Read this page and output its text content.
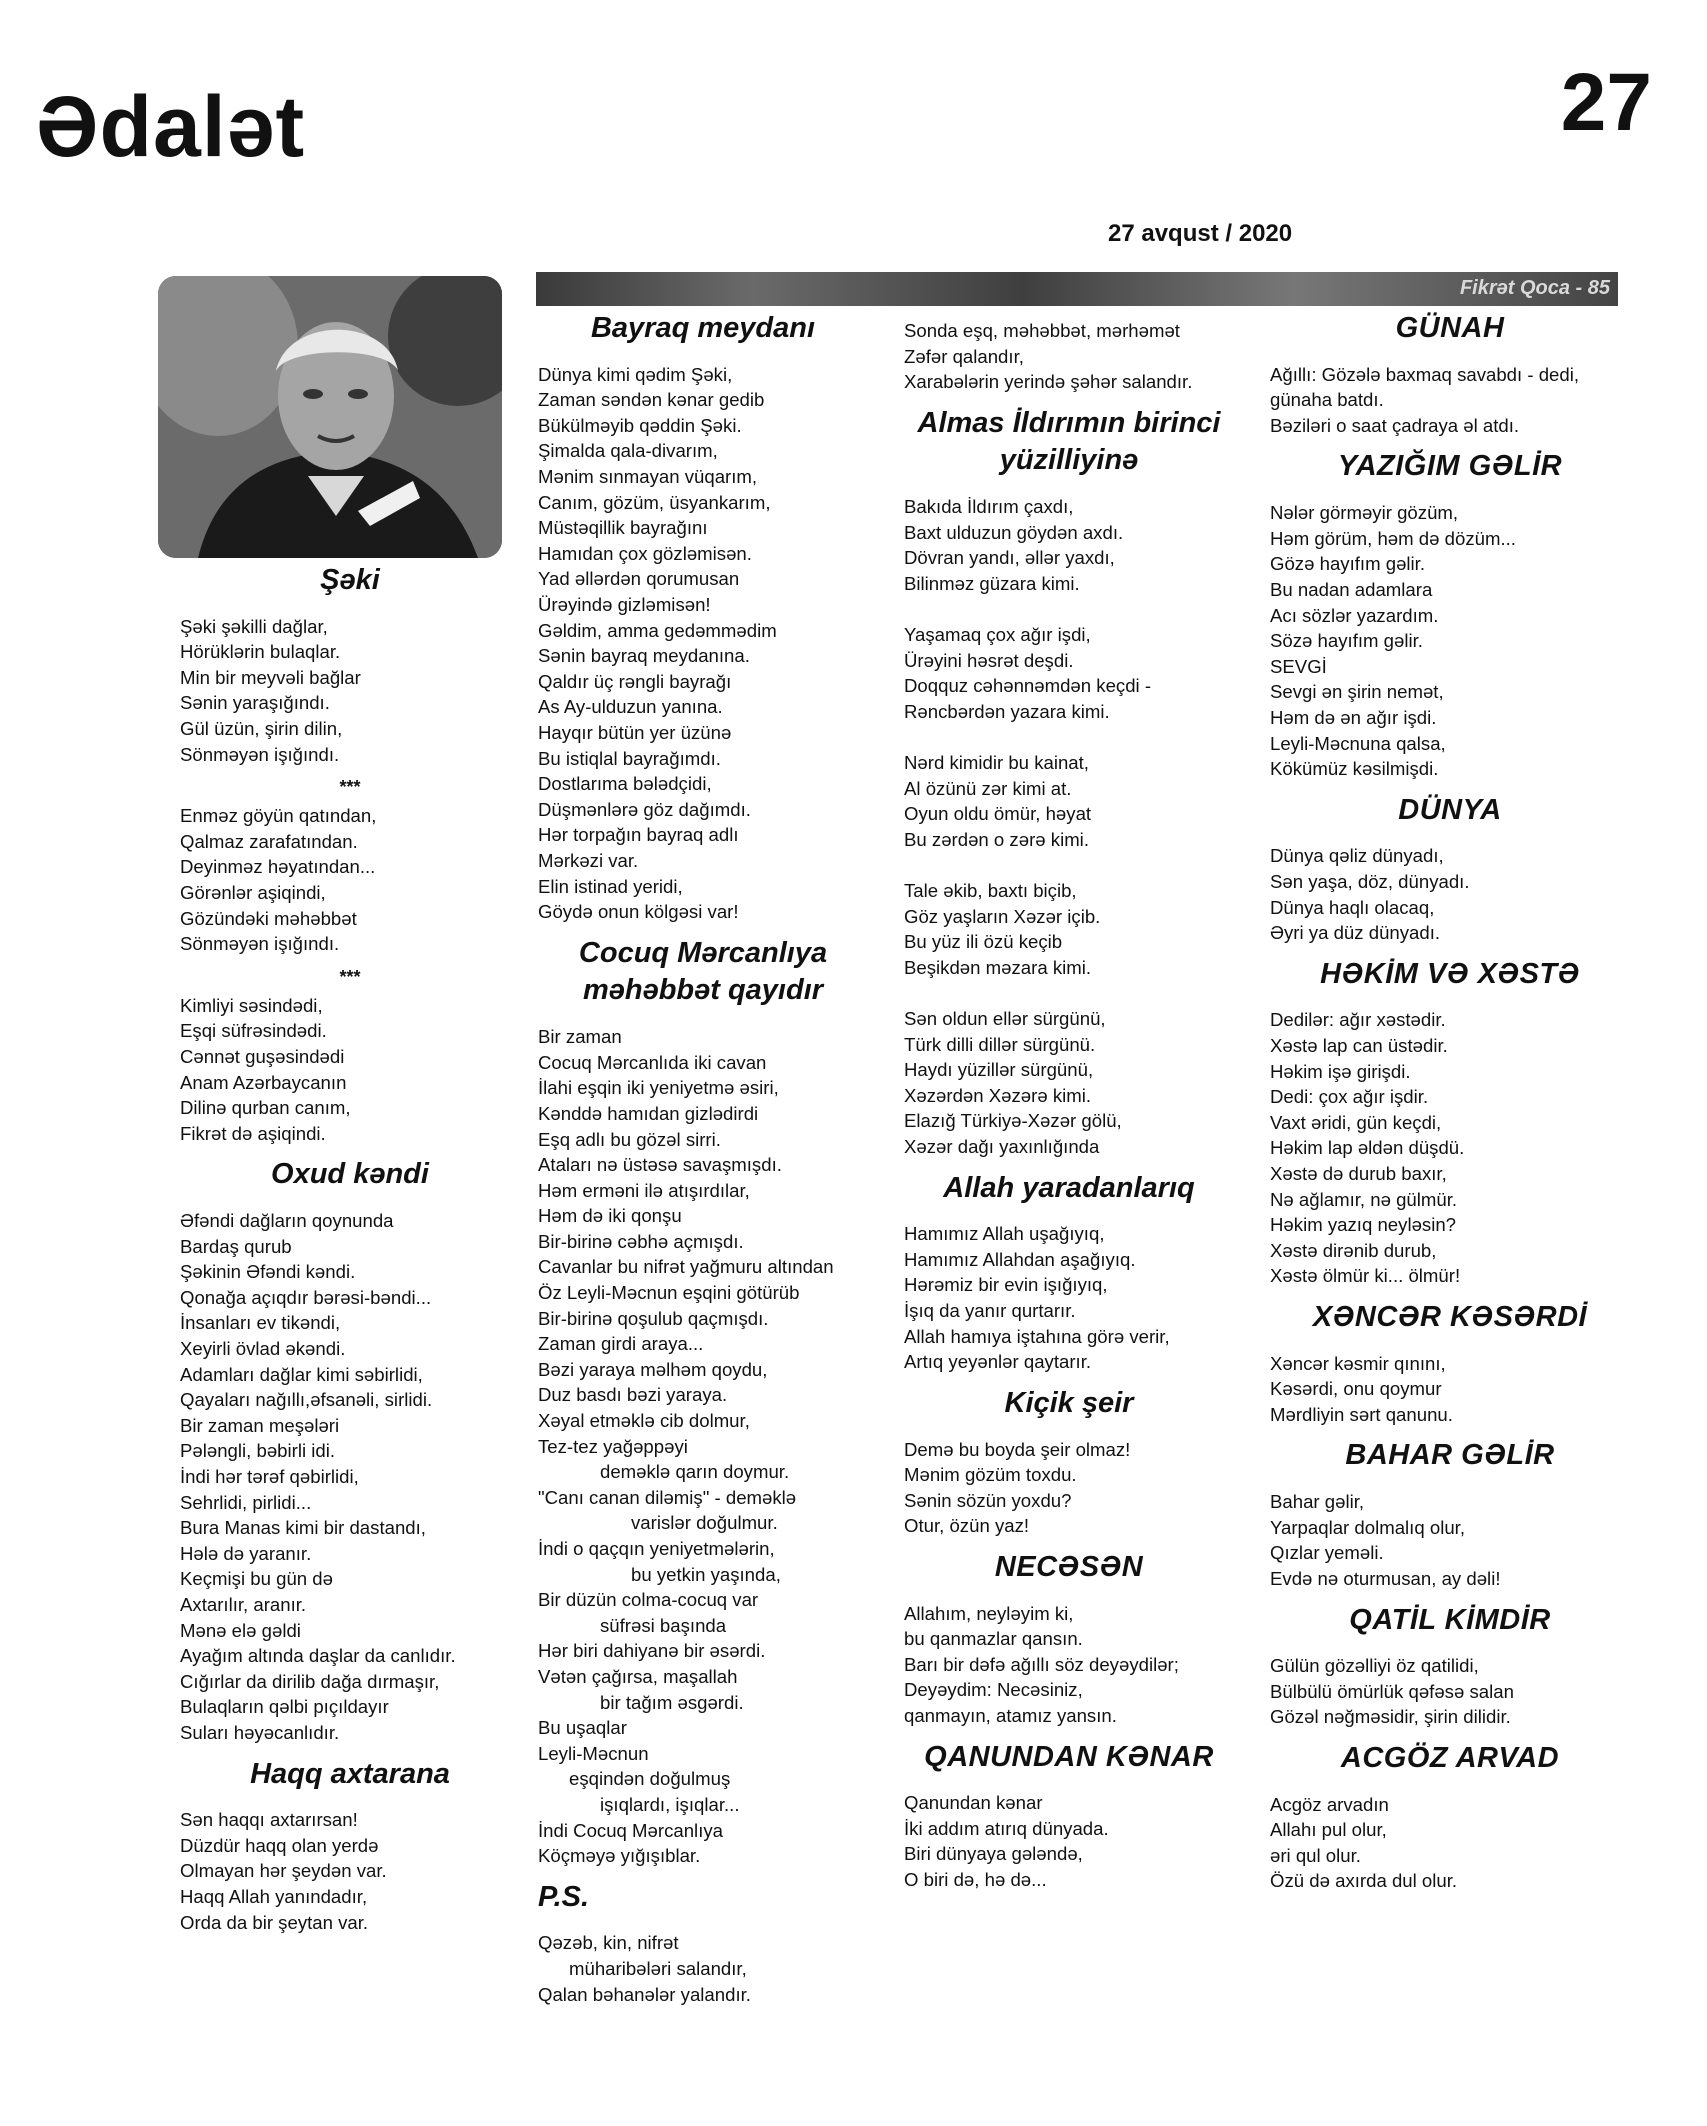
Ədalət	27
27 avqust / 2020
Fikrət Qoca - 85
Şəki
Şəki şəkilli dağlar,
Hörüklərin bulaqlar.
Min bir meyvəli bağlar
Sənin yaraşığındı.
Gül üzün, şirin dilin,
Sönməyən işığındı.
***
Enməz göyün qatından,
Qalmaz zarafatından.
Deyinməz həyatından...
Görənlər aşiqindi,
Gözündəki məhəbbət
Sönməyən işığındı.
***
Kimliyi səsindədi,
Eşqi süfrəsindədi.
Cənnət guşəsindədi
Anam Azərbaycanın
Dilinə qurban canım,
Fikrət də aşiqindi.
Oxud kəndi
Əfəndi dağların qoynunda
Bardaş qurub
Şəkinin Əfəndi kəndi.
Qonağa açıqdır bərəsi-bəndi...
İnsanları ev tikəndi,
Xeyirli övlad əkəndi.
Adamları dağlar kimi səbirlidi,
Qayaları nağıllı,əfsanəli, sirlidi.
Bir zaman meşələri
Pələngli, bəbirli idi.
İndi hər tərəf qəbirlidi,
Sehrlidi, pirlidi...
Bura Manas kimi bir dastandı,
Hələ də yaranır.
Keçmişi bu gün də
Axtarılır, aranır.
Mənə elə gəldi
Ayağım altında daşlar da canlıdır.
Cığırlar da dirilib dağa dırmaşır,
Bulaqların qəlbi pıçıldayır
Suları həyəcanlıdır.
Haqq axtarana
Sən haqqı axtarırsan!
Düzdür haqq olan yerdə
Olmayan hər şeydən var.
Haqq Allah yanındadır,
Orda da bir şeytan var.
Bayraq meydanı
Dünya kimi qədim Şəki,
Zaman səndən kənar gedib
Bükülməyib qəddin Şəki.
Şimalda qala-divarım,
Mənim sınmayan vüqarım,
Canım, gözüm, üsyankarım,
Müstəqillik bayrağını
Hamıdan çox gözləmisən.
Yad əllərdən qorumusan
Ürəyində gizləmisən!
Gəldim, amma gedəmmədim
Sənin bayraq meydanına.
Qaldır üç rəngli bayrağı
As Ay-ulduzun yanına.
Hayqır bütün yer üzünə
Bu istiqlal bayrağımdı.
Dostlarıma bələdçidi,
Düşmənlərə göz dağımdı.
Hər torpağın bayraq adlı
Mərkəzi var.
Elin istinad yeridi,
Göydə onun kölgəsi var!
Cocuq Mərcanlıya məhəbbət qayıdır
Bir zaman
Cocuq Mərcanlıda iki cavan
İlahi eşqin iki yeniyetmə əsiri,
Kənddə hamıdan gizlədirdi
Eşq adlı bu gözəl sirri.
Ataları nə üstəsə savaşmışdı.
Həm erməni ilə atışırdılar,
Həm də iki qonşu
Bir-birinə cəbhə açmışdı.
Cavanlar bu nifrət yağmuru altından
Öz Leyli-Məcnun eşqini götürüb
Bir-birinə qoşulub qaçmışdı.
Zaman girdi araya...
Bəzi yaraya məlhəm qoydu,
Duz basdı bəzi yaraya.
Xəyal etməklə cib dolmur,
Tez-tez yağəppəyi
deməklə qarın doymur.
"Canı canan diləmiş" - deməklə
varislər doğulmur.
İndi o qaçqın yeniyetmələrin,
bu yetkin yaşında,
Bir düzün colma-cocuq var
süfrəsi başında
Hər biri dahiyanə bir əsərdi.
Vətən çağırsa, maşallah
bir tağım əsgərdi.
Bu uşaqlar
Leyli-Məcnun
eşqindən doğulmuş
işıqlardı, işıqlar...
İndi Cocuq Mərcanlıya
Köçməyə yığışıblar.
P.S.
Qəzəb, kin, nifrət
müharibələri salandır,
Qalan bəhanələr yalandır.
Sonda eşq, məhəbbət, mərhəmət
Zəfər qalandır,
Xarabələrin yerində şəhər salandır.
Almas İldırımın birinci yüzilliyinə
Bakıda İldırım çaxdı,
Baxt ulduzun göydən axdı.
Dövran yandı, əllər yaxdı,
Bilinməz güzara kimi.

Yaşamaq çox ağır işdi,
Ürəyini həsrət deşdi.
Doqquz cəhənnəmdən keçdi -
Rəncbərdən yazara kimi.

Nərd kimidir bu kainat,
Al özünü zər kimi at.
Oyun oldu ömür, həyat
Bu zərdən o zərə kimi.

Tale əkib, baxtı biçib,
Göz yaşların Xəzər içib.
Bu yüz ili özü keçib
Beşikdən məzara kimi.

Sən oldun ellər sürgünü,
Türk dilli dillər sürgünü.
Haydı yüzillər sürgünü,
Xəzərdən Xəzərə kimi.
Elazığ Türkiyə-Xəzər gölü,
Xəzər dağı yaxınlığında
Allah yaradanlarıq
Hamımız Allah uşağıyıq,
Hamımız Allahdan aşağıyıq.
Hərəmiz bir evin işığıyıq,
İşıq da yanır qurtarır.
Allah hamıya iştahına görə verir,
Artıq yeyənlər qaytarır.
Kiçik şeir
Demə bu boyda şeir olmaz!
Mənim gözüm toxdu.
Sənin sözün yoxdu?
Otur, özün yaz!
NECƏSƏN
Allahım, neyləyim ki,
bu qanmazlar qansın.
Barı bir dəfə ağıllı söz deyəydilər;
Deyəydim: Necəsiniz,
qanmayın, atamız yansın.
QANUNDAN KƏNAR
Qanundan kənar
İki addım atırıq dünyada.
Biri dünyaya gələndə,
O biri də, hə də...
GÜNAH
Ağıllı: Gözələ baxmaq savabdı - dedi,
günaha batdı.
Bəziləri o saat çadraya əl atdı.
YAZIĞIM GƏLİR
Nələr görməyir gözüm,
Həm görüm, həm də dözüm...
Gözə hayıfım gəlir.
Bu nadan adamlara
Acı sözlər yazardım.
Sözə hayıfım gəlir.
SEVGİ
Sevgi ən şirin nemət,
Həm də ən ağır işdi.
Leyli-Məcnuna qalsa,
Kökümüz kəsilmişdi.
DÜNYA
Dünya qəliz dünyadı,
Sən yaşa, döz, dünyadı.
Dünya haqlı olacaq,
Əyri ya düz dünyadı.
HƏKİM VƏ XƏSTƏ
Dedilər: ağır xəstədir.
Xəstə lap can üstədir.
Həkim işə girişdi.
Dedi: çox ağır işdir.
Vaxt əridi, gün keçdi,
Həkim lap əldən düşdü.
Xəstə də durub baxır,
Nə ağlamır, nə gülmür.
Həkim yazıq neyləsin?
Xəstə dirənib durub,
Xəstə ölmür ki... ölmür!
XƏNCƏR KƏSƏRDİ
Xəncər kəsmir qınını,
Kəsərdi, onu qoymur
Mərdliyin sərt qanunu.
BAHAR GƏLİR
Bahar gəlir,
Yarpaqlar dolmalıq olur,
Qızlar yeməli.
Evdə nə oturmusan, ay dəli!
QATİL KİMDİR
Gülün gözəlliyi öz qatilidi,
Bülbülü ömürlük qəfəsə salan
Gözəl nəğməsidir, şirin dilidir.
ACGÖZ ARVAD
Acgöz arvadın
Allahı pul olur,
əri qul olur.
Özü də axırda dul olur.
